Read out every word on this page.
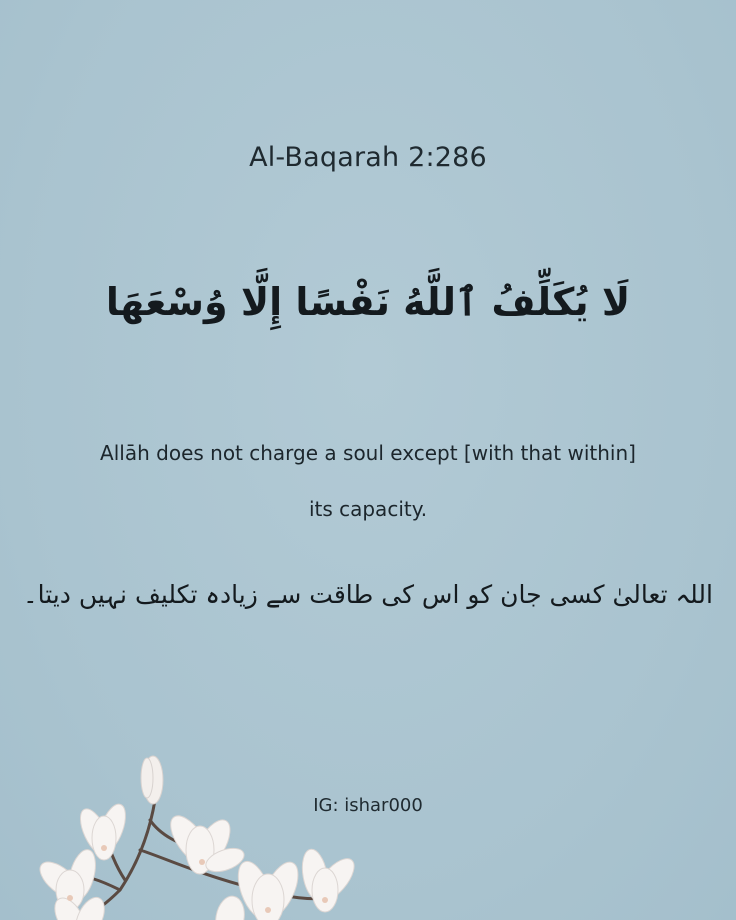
Al-Baqarah 2:286
لَا يُكَلِّفُ ٱللَّهُ نَفْسًا إِلَّا وُسْعَهَا
Allāh does not charge a soul except [with that within]
its capacity.
اللہ تعالیٰ کسی جان کو اس کی طاقت سے زیادہ تکلیف نہیں دیتا۔
IG: ishar000
